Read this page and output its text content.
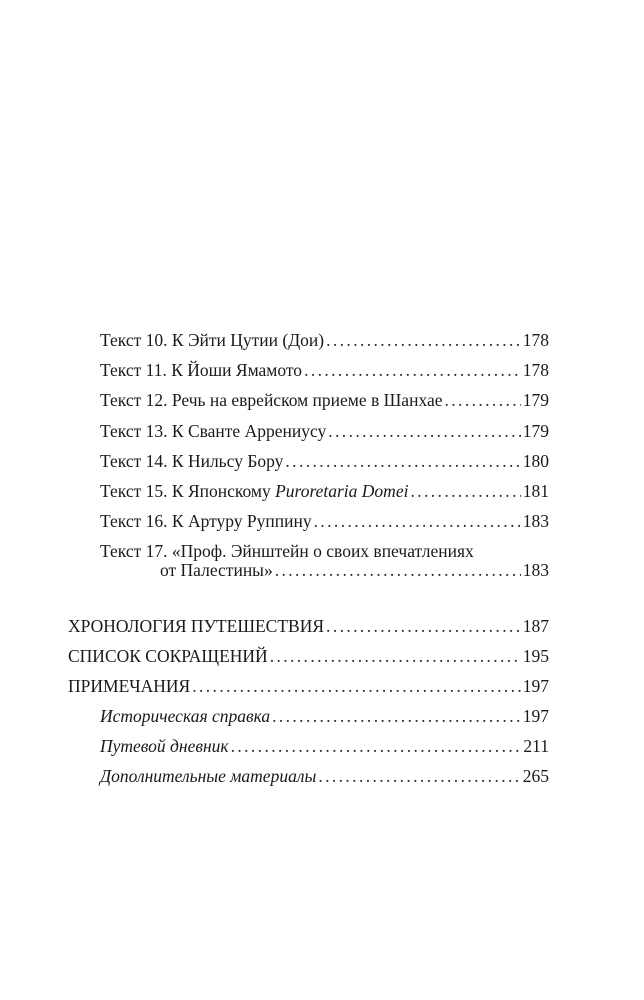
Текст 10. К Эйти Цутии (Дои) .....	178
Текст 11. К Йоши Ямамото .....	178
Текст 12. Речь на еврейском приеме в Шанхае .....	179
Текст 13. К Сванте Аррениусу .....	179
Текст 14. К Нильсу Бору .....	180
Текст 15. К Японскому Puroretaria Domei .....	181
Текст 16. К Артуру Руппину .....	183
Текст 17. «Проф. Эйнштейн о своих впечатлениях
от Палестины» .....	183
ХРОНОЛОГИЯ ПУТЕШЕСТВИЯ .....	187
СПИСОК СОКРАЩЕНИЙ .....	195
ПРИМЕЧАНИЯ .....	197
Историческая справка .....	197
Путевой дневник .....	211
Дополнительные материалы .....	265
